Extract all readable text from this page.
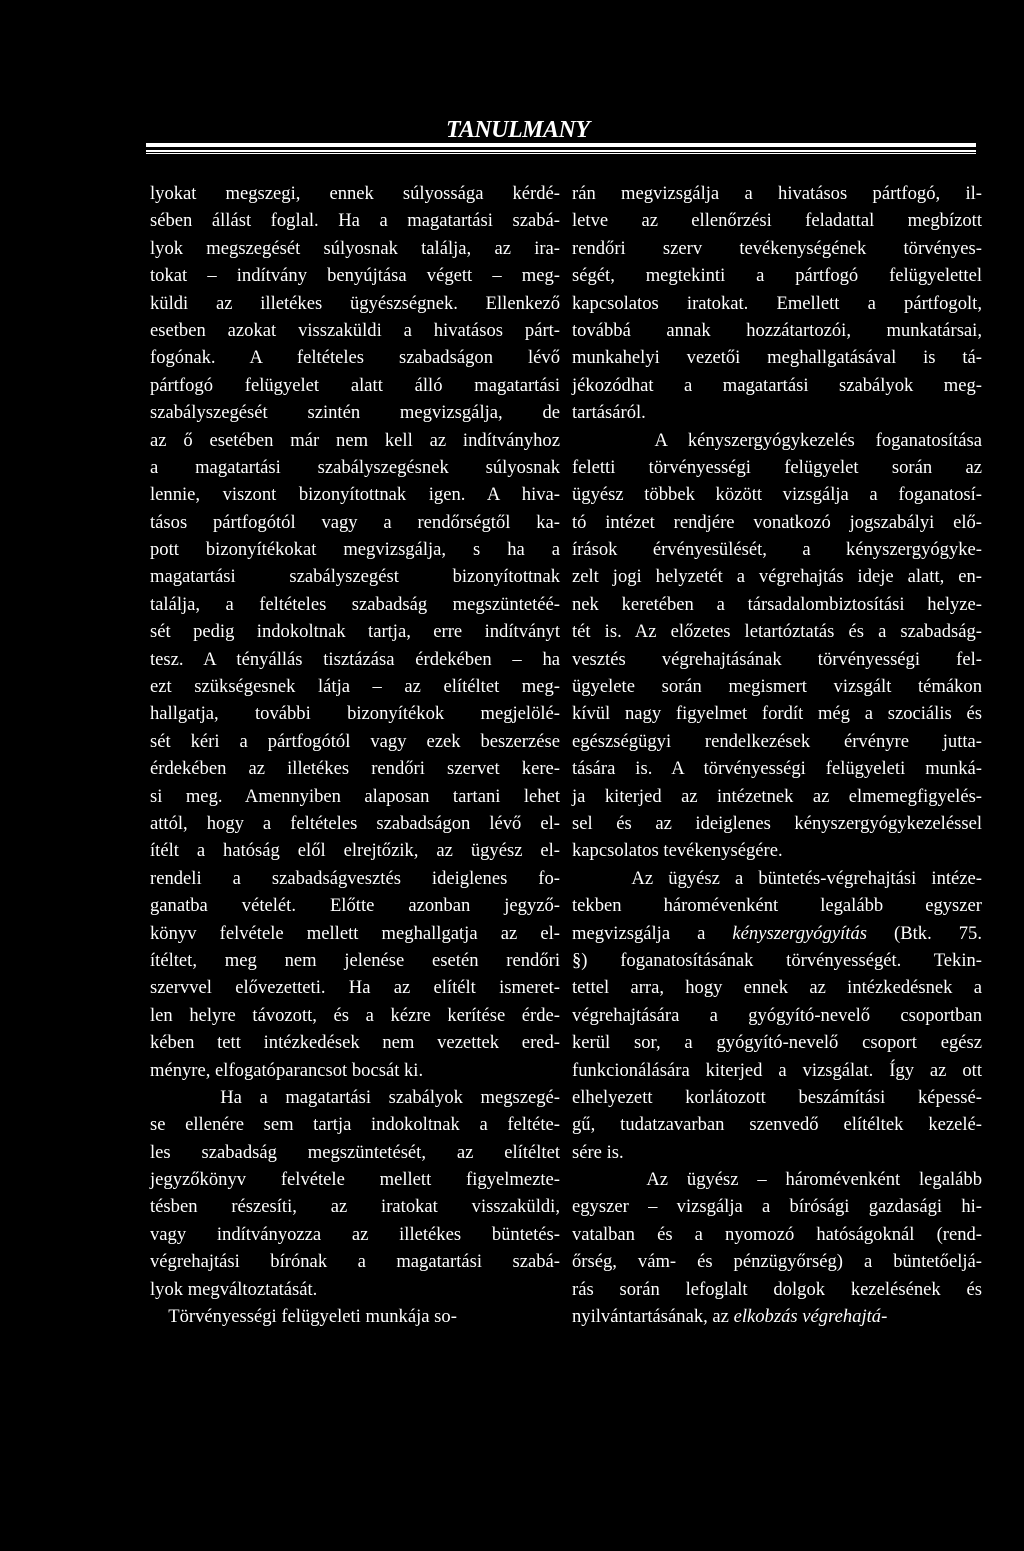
TANULMANY
lyokat megszegi, ennek súlyossága kérdé-
sében állást foglal. Ha a magatartási szabá-
lyok megszegését súlyosnak találja, az ira-
tokat – indítvány benyújtása végett – meg-
küldi az illetékes ügyészségnek. Ellenkező
esetben azokat visszaküldi a hivatásos párt-
fogónak. A feltételes szabadságon lévő
pártfogó felügyelet alatt álló magatartási
szabályszegését szintén megvizsgálja, de
az ő esetében már nem kell az indítványhoz
a magatartási szabályszegésnek súlyosnak
lennie, viszont bizonyítottnak igen. A hiva-
tásos pártfogótól vagy a rendőrségtől ka-
pott bizonyítékokat megvizsgálja, s ha a
magatartási szabályszegést bizonyítottnak
találja, a feltételes szabadság megszüntetéé-
sét pedig indokoltnak tartja, erre indítványt
tesz. A tényállás tisztázása érdekében – ha
ezt szükségesnek látja – az elítéltet meg-
hallgatja, további bizonyítékok megjelölé-
sét kéri a pártfogótól vagy ezek beszerzése
érdekében az illetékes rendőri szervet kere-
si meg. Amennyiben alaposan tartani lehet
attól, hogy a feltételes szabadságon lévő el-
ítélt a hatóság elől elrejtőzik, az ügyész el-
rendeli a szabadságvesztés ideiglenes fo-
ganatba vételét. Előtte azonban jegyző-
könyv felvétele mellett meghallgatja az el-
ítéltet, meg nem jelenése esetén rendőri
szervvel elővezetteti. Ha az elítélt ismeret-
len helyre távozott, és a kézre kerítése érde-
kében tett intézkedések nem vezettek ered-
ményre, elfogatóparancsot bocsát ki.
Ha a magatartási szabályok megszegé-
se ellenére sem tartja indokoltnak a feltéte-
les szabadság megszüntetését, az elítéltet
jegyzőkönyv felvétele mellett figyelmezte-
tésben részesíti, az iratokat visszaküldi,
vagy indítványozza az illetékes büntetés-
végrehajtási bírónak a magatartási szabá-
lyok megváltoztatását.
Törvényességi felügyeleti munkája so-
rán megvizsgálja a hivatásos pártfogó, il-
letve az ellenőrzési feladattal megbízott
rendőri szerv tevékenységének törvényes-
ségét, megtekinti a pártfogó felügyelettel
kapcsolatos iratokat. Emellett a pártfogolt,
továbbá annak hozzátartozói, munkatársai,
munkahelyi vezetői meghallgatásával is tá-
jékozódhat a magatartási szabályok meg-
tartásáról.
A kényszergyógykezelés foganatosítása
feletti törvényességi felügyelet során az
ügyész többek között vizsgálja a foganatosí-
tó intézet rendjére vonatkozó jogszabályi elő-
írások érvényesülését, a kényszergyógyke-
zelt jogi helyzetét a végrehajtás ideje alatt, en-
nek keretében a társadalombiztosítási helyze-
tét is. Az előzetes letartóztatás és a szabadság-
vesztés végrehajtásának törvényességi fel-
ügyelete során megismert vizsgált témákon
kívül nagy figyelmet fordít még a szociális és
egészségügyi rendelkezések érvényre jutta-
tására is. A törvényességi felügyeleti munká-
ja kiterjed az intézetnek az elmemegfigyelés-
sel és az ideiglenes kényszergyógykezeléssel
kapcsolatos tevékenységére.
Az ügyész a büntetés-végrehajtási intéze-
tekben háromévenként legalább egyszer
megvizsgálja a kényszergyógyítás (Btk. 75.
§) foganatosításának törvényességét. Tekin-
tettel arra, hogy ennek az intézkedésnek a
végrehajtására a gyógyító-nevelő csoportban
kerül sor, a gyógyító-nevelő csoport egész
funkcionálására kiterjed a vizsgálat. Így az ott
elhelyezett korlátozott beszámítási képessé-
gű, tudatzavarban szenvedő elítéltek kezelé-
sére is.
Az ügyész – háromévenként legalább
egyszer – vizsgálja a bírósági gazdasági hi-
vatalban és a nyomozó hatóságoknál (rend-
őrség, vám- és pénzügyőrség) a büntetőeljá-
rás során lefoglalt dolgok kezelésének és
nyilvántartásának, az elkobzás végrehajtá-
